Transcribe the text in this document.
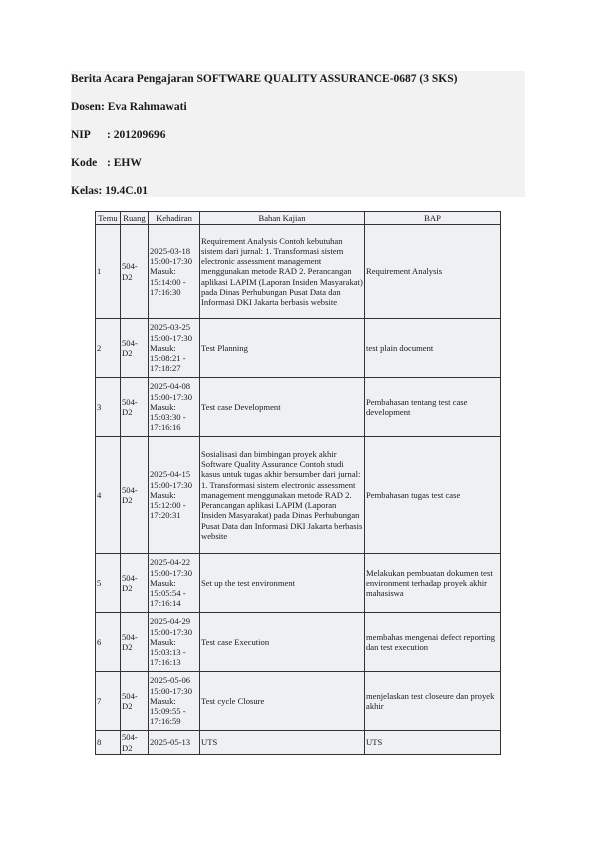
Berita Acara Pengajaran SOFTWARE QUALITY ASSURANCE-0687 (3 SKS)
Dosen: Eva Rahmawati
NIP : 201209696
Kode : EHW
Kelas: 19.4C.01
Temu	Ruang	Kehadiran	Bahan Kajian	BAP
1	504-D2	2025-03-18 15:00-17:30 Masuk: 15:14:00 - 17:16:30	Requirement Analysis Contoh kebutuhan sistem dari jurnal: 1. Transformasi sistem electronic assessment management menggunakan metode RAD 2. Perancangan aplikasi LAPIM (Laporan Insiden Masyarakat) pada Dinas Perhubungan Pusat Data dan Informasi DKI Jakarta berbasis website	Requirement Analysis
2	504-D2	2025-03-25 15:00-17:30 Masuk: 15:08:21 - 17:18:27	Test Planning	test plain document
3	504-D2	2025-04-08 15:00-17:30 Masuk: 15:03:30 - 17:16:16	Test case Development	Pembahasan tentang test case development
4	504-D2	2025-04-15 15:00-17:30 Masuk: 15:12:00 - 17:20:31	Sosialisasi dan bimbingan proyek akhir Software Quality Assurance Contoh studi kasus untuk tugas akhir bersumber dari jurnal: 1. Transformasi sistem electronic assessment management menggunakan metode RAD 2. Perancangan aplikasi LAPIM (Laporan Insiden Masyarakat) pada Dinas Perhubungan Pusat Data dan Informasi DKI Jakarta berbasis website	Pembahasan tugas test case
5	504-D2	2025-04-22 15:00-17:30 Masuk: 15:05:54 - 17:16:14	Set up the test environment	Melakukan pembuatan dokumen test environment terhadap proyek akhir mahasiswa
6	504-D2	2025-04-29 15:00-17:30 Masuk: 15:03:13 - 17:16:13	Test case Execution	membahas mengenai defect reporting dan test execution
7	504-D2	2025-05-06 15:00-17:30 Masuk: 15:09:55 - 17:16:59	Test cycle Closure	menjelaskan test closeure dan proyek akhir
8	504-D2	2025-05-13	UTS	UTS
